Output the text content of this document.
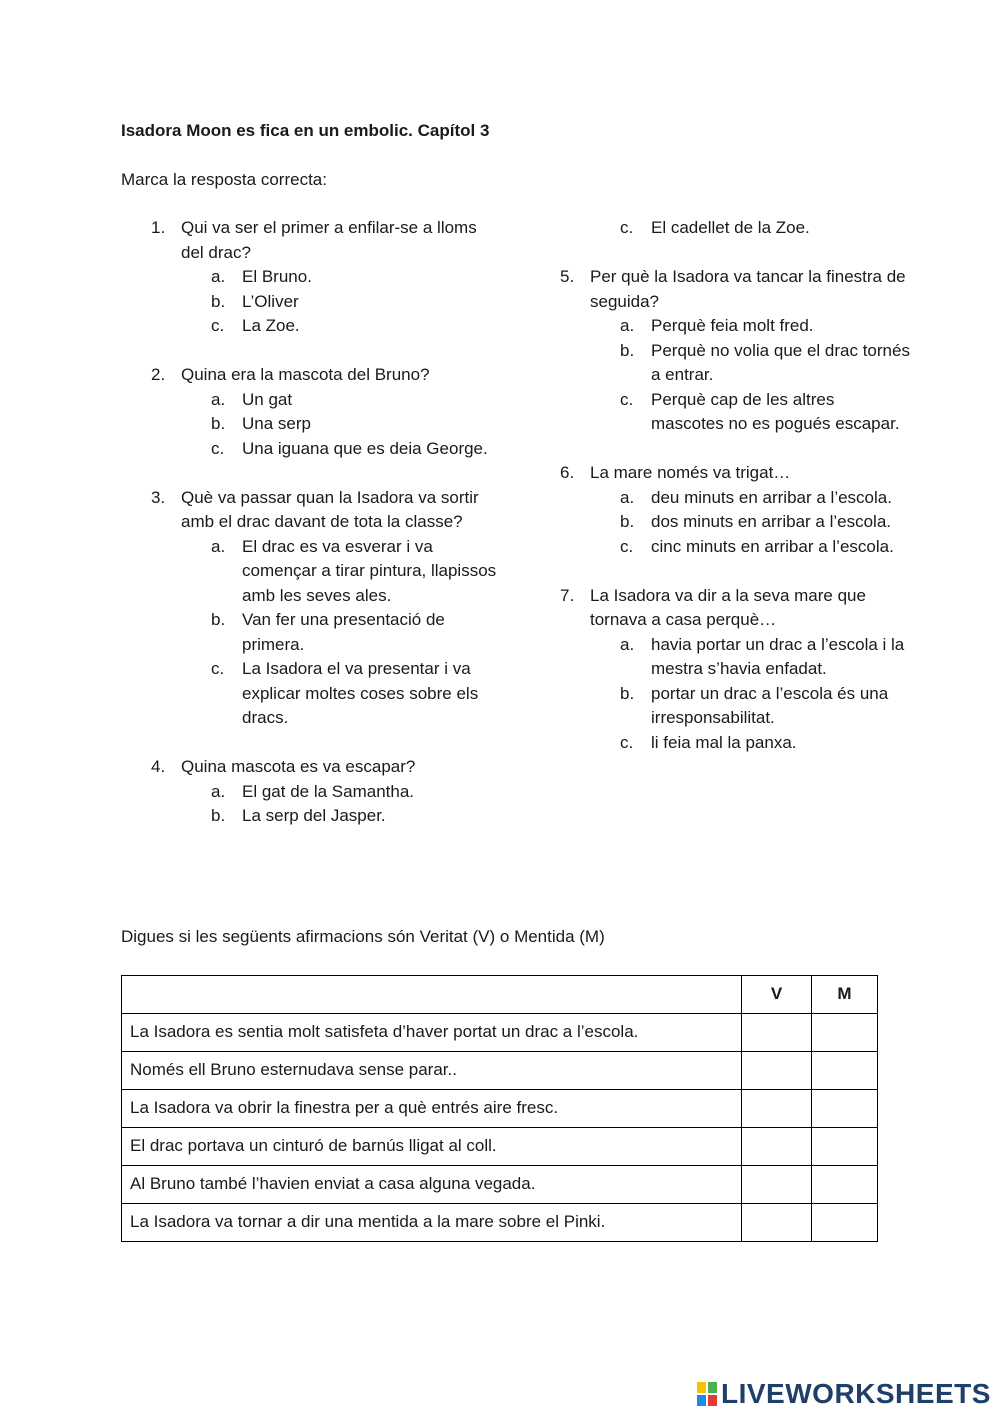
Isadora Moon es fica en un embolic. Capítol 3
Marca la resposta correcta:
1. Qui va ser el primer a enfilar-se a lloms del drac?
a. El Bruno.
b. L’Oliver
c. La Zoe.
2. Quina era la mascota del Bruno?
a. Un gat
b. Una serp
c. Una iguana que es deia George.
3. Què va passar quan la Isadora va sortir amb el drac davant de tota la classe?
a. El drac es va esverar i va començar a tirar pintura, llapissos amb les seves ales.
b. Van fer una presentació de primera.
c. La Isadora el va presentar i va explicar moltes coses sobre els dracs.
4. Quina mascota es va escapar?
a. El gat de la Samantha.
b. La serp del Jasper.
c. El cadellet de la Zoe.
5. Per què la Isadora va tancar la finestra de seguida?
a. Perquè feia molt fred.
b. Perquè no volia que el drac tornés a entrar.
c. Perquè cap de les altres mascotes no es pogués escapar.
6. La mare només va trigat…
a. deu minuts en arribar a l’escola.
b. dos minuts en arribar a l’escola.
c. cinc minuts en arribar a l’escola.
7. La Isadora va dir a la seva mare que tornava a casa perquè…
a. havia portar un drac a l’escola i la mestra s’havia enfadat.
b. portar un drac a l’escola és una irresponsabilitat.
c. li feia mal la panxa.
Digues si les següents afirmacions són Veritat (V) o Mentida (M)
	V	M
La Isadora es sentia molt satisfeta d’haver portat un drac a l’escola.		
Només ell Bruno esternudava sense parar..		
La Isadora va obrir la finestra per a què entrés aire fresc.		
El drac portava un cinturó de barnús lligat al coll.		
Al Bruno també l’havien enviat a casa alguna vegada.		
La Isadora va tornar a dir una mentida a la mare sobre el Pinki.		
LIVEWORKSHEETS
